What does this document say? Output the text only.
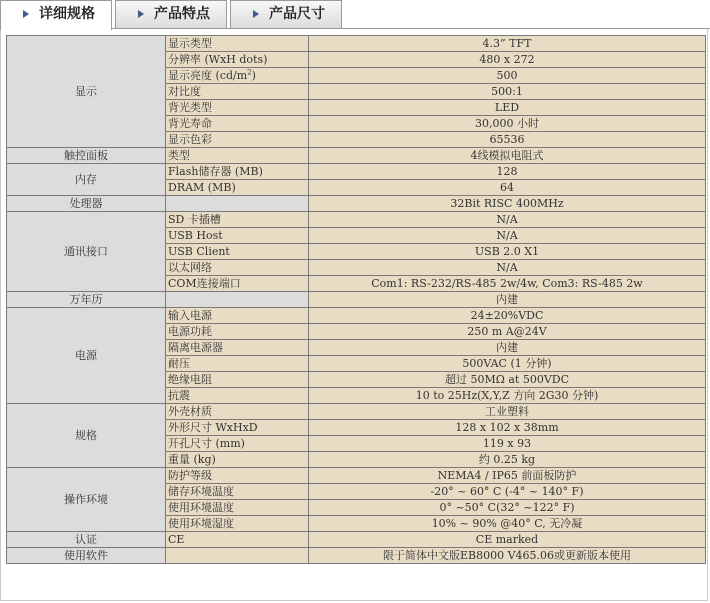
详细规格	产品特点	产品尺寸
显示	显示类型	4.3” TFT
	分辨率 (WxH dots)	480 x 272
	显示亮度 $(cd/m^2)$	500
	对比度	500:1
	背光类型	LED
	背光寿命	30,000 小时
	显示色彩	65536
触控面板	类型	4线模拟电阻式
内存	Flash储存器 (MB)	128
	DRAM (MB)	64
处理器		32Bit RISC 400MHz
通讯接口	SD 卡插槽	N/A
	USB Host	N/A
	USB Client	USB 2.0 X1
	以太网络	N/A
	COM连接端口	Com1: RS-232/RS-485 2w/4w, Com3: RS-485 2w
万年历		内建
电源	输入电源	24±20%VDC
	电源功耗	250 m A@24V
	隔离电源器	内建
	耐压	500VAC (1 分钟)
	绝缘电阻	超过 50MΩ at 500VDC
	抗震	10 to 25Hz(X,Y,Z 方向 2G30 分钟)
规格	外壳材质	工业塑料
	外形尺寸 WxHxD	128 x 102 x 38mm
	开孔尺寸 (mm)	119 x 93
	重量 (kg)	约 0.25 kg
操作环境	防护等级	NEMA4 / IP65 前面板防护
	储存环境温度	-20° ~ 60° C (-4° ~ 140° F)
	使用环境温度	0° ~50° C(32° ~122° F)
	使用环境湿度	10% ~ 90% @40° C, 无冷凝
认证	CE	CE marked
使用软件		限于简体中文版EB8000 V465.06或更新版本使用
